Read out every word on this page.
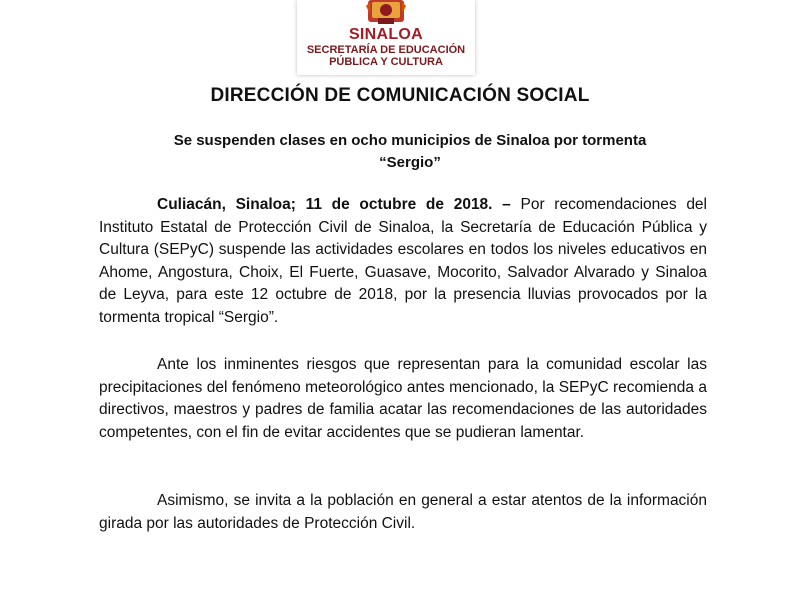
SINALOA
SECRETARÍA DE EDUCACIÓN
PÚBLICA Y CULTURA
DIRECCIÓN DE COMUNICACIÓN SOCIAL
Se suspenden clases en ocho municipios de Sinaloa por tormenta
“Sergio”

Culiacán, Sinaloa; 11 de octubre de 2018. – Por recomendaciones del Instituto Estatal de Protección Civil de Sinaloa, la Secretaría de Educación Pública y Cultura (SEPyC) suspende las actividades escolares en todos los niveles educativos en Ahome, Angostura, Choix, El Fuerte, Guasave, Mocorito, Salvador Alvarado y Sinaloa de Leyva, para este 12 octubre de 2018, por la presencia lluvias provocados por la tormenta tropical “Sergio”.

Ante los inminentes riesgos que representan para la comunidad escolar las precipitaciones del fenómeno meteorológico antes mencionado, la SEPyC recomienda a directivos, maestros y padres de familia acatar las recomendaciones de las autoridades competentes, con el fin de evitar accidentes que se pudieran lamentar.

Asimismo, se invita a la población en general a estar atentos de la información girada por las autoridades de Protección Civil.
